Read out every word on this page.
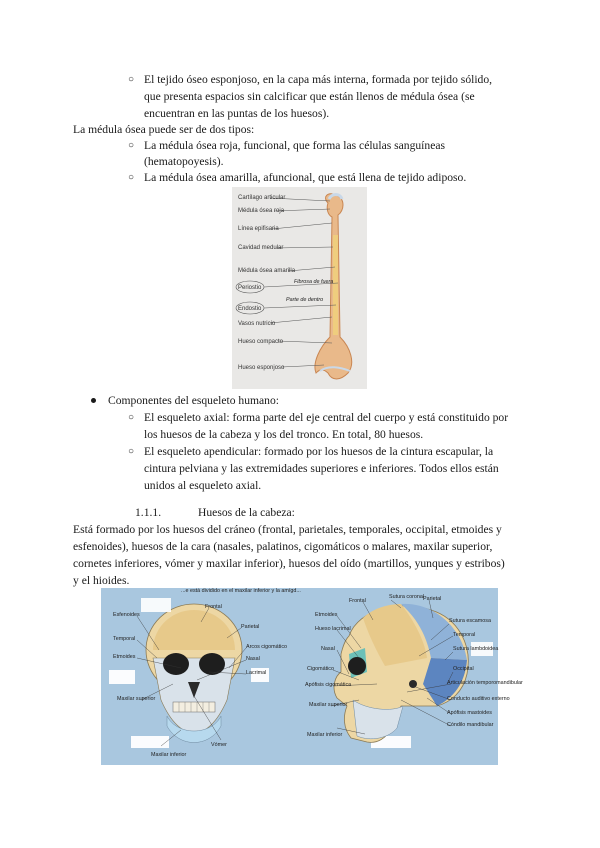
○ El tejido óseo esponjoso, en la capa más interna, formada por tejido sólido,
que presenta espacios sin calcificar que están llenos de médula ósea (se
encuentran en las puntas de los huesos).
La médula ósea puede ser de dos tipos:
○ La médula ósea roja, funcional, que forma las células sanguíneas
(hematopoyesis).
○ La médula ósea amarilla, afuncional, que está llena de tejido adiposo.
Cartílago articular
Médula ósea roja
Línea epifisaria
Cavidad medular
Médula ósea amarilla
Periostio
Endostio
Vasos nutricio
Hueso compacto
Hueso esponjoso
Fibrosa de fuera
Parte de dentro
Componentes del esqueleto humano:
○ El esqueleto axial: forma parte del eje central del cuerpo y está constituido por
los huesos de la cabeza y los del tronco. En total, 80 huesos.
○ El esqueleto apendicular: formado por los huesos de la cintura escapular, la
cintura pelviana y las extremidades superiores e inferiores. Todos ellos están
unidos al esqueleto axial.
1.1.1.	Huesos de la cabeza:
Está formado por los huesos del cráneo (frontal, parietales, temporales, occipital, etmoides y
esfenoides), huesos de la cara (nasales, palatinos, cigomáticos o malares, maxilar superior,
cornetes inferiores, vómer y maxilar inferior), huesos del oído (martillos, yunques y estribos)
y el hioides.
...e está dividido en el maxilar inferior y la amígd...
Frontal
Parietal
Esfenoides
Temporal
Etmoides
Arcos cigomático
Nasal
Lacrimal
Maxilar superior
Vómer
Maxilar inferior
Frontal
Sutura coronal
Parietal
Etmoides
Hueso lacrimal
Sutura escamosa
Temporal
Nasal	Sutura lambdoidea
Cigomático	Occipital
Apófisis cigomática	Articulación temporomandibular
Maxilar superior
Conducto auditivo externo
Apófisis mastoides
Cóndilo mandibular
Maxilar inferior
